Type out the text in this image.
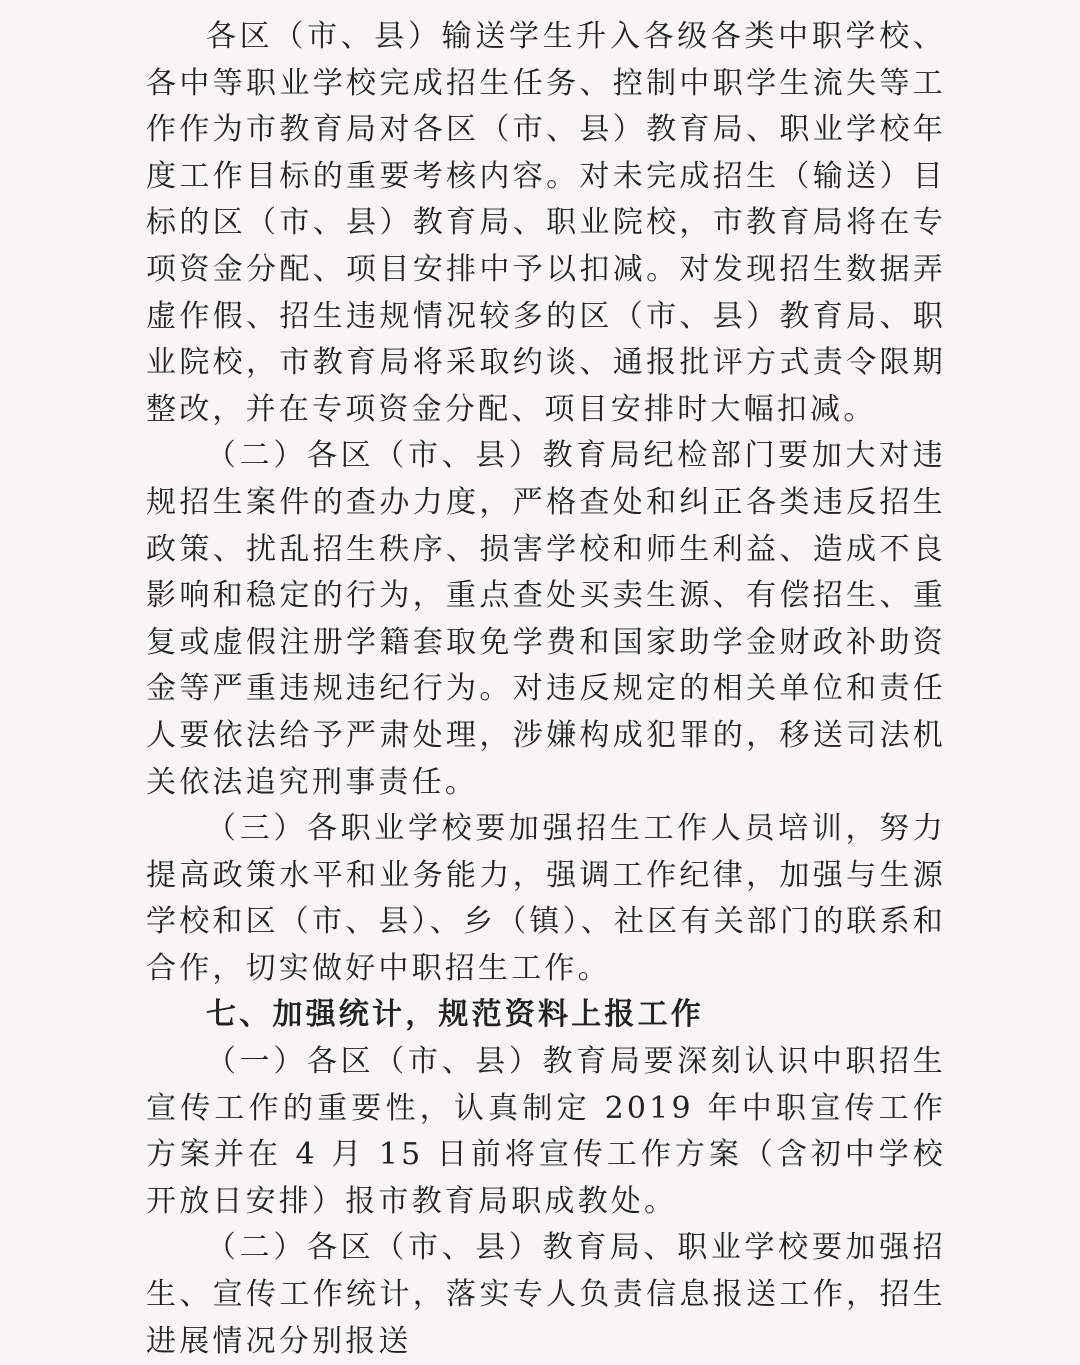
各区（市、县）输送学生升入各级各类中职学校、各中等职业学校完成招生任务、控制中职学生流失等工作作为市教育局对各区（市、县）教育局、职业学校年度工作目标的重要考核内容。对未完成招生（输送）目标的区（市、县）教育局、职业院校，市教育局将在专项资金分配、项目安排中予以扣减。对发现招生数据弄虚作假、招生违规情况较多的区（市、县）教育局、职业院校，市教育局将采取约谈、通报批评方式责令限期整改，并在专项资金分配、项目安排时大幅扣减。

（二）各区（市、县）教育局纪检部门要加大对违规招生案件的查办力度，严格查处和纠正各类违反招生政策、扰乱招生秩序、损害学校和师生利益、造成不良影响和稳定的行为，重点查处买卖生源、有偿招生、重复或虚假注册学籍套取免学费和国家助学金财政补助资金等严重违规违纪行为。对违反规定的相关单位和责任人要依法给予严肃处理，涉嫌构成犯罪的，移送司法机关依法追究刑事责任。

（三）各职业学校要加强招生工作人员培训，努力提高政策水平和业务能力，强调工作纪律，加强与生源学校和区（市、县）、乡（镇）、社区有关部门的联系和合作，切实做好中职招生工作。

七、加强统计，规范资料上报工作

（一）各区（市、县）教育局要深刻认识中职招生宣传工作的重要性，认真制定 2019 年中职宣传工作方案并在 4 月 15 日前将宣传工作方案（含初中学校开放日安排）报市教育局职成教处。

（二）各区（市、县）教育局、职业学校要加强招生、宣传工作统计，落实专人负责信息报送工作，招生进展情况分别报送
